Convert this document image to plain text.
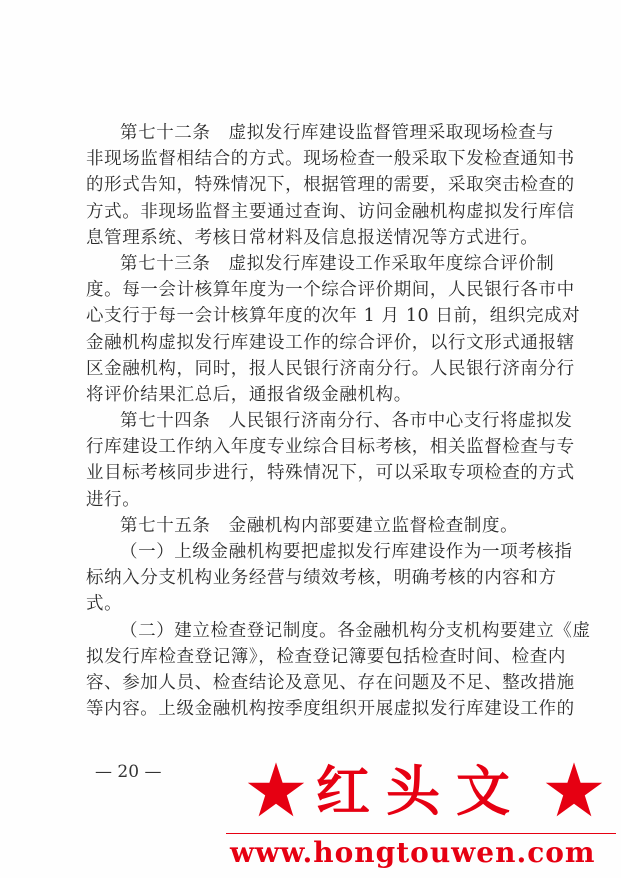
第七十二条　虚拟发行库建设监督管理采取现场检查与
非现场监督相结合的方式。现场检查一般采取下发检查通知书
的形式告知，特殊情况下，根据管理的需要，采取突击检查的
方式。非现场监督主要通过查询、访问金融机构虚拟发行库信
息管理系统、考核日常材料及信息报送情况等方式进行。
第七十三条　虚拟发行库建设工作采取年度综合评价制
度。每一会计核算年度为一个综合评价期间，人民银行各市中
心支行于每一会计核算年度的次年 1 月 10 日前，组织完成对
金融机构虚拟发行库建设工作的综合评价，以行文形式通报辖
区金融机构，同时，报人民银行济南分行。人民银行济南分行
将评价结果汇总后，通报省级金融机构。
第七十四条　人民银行济南分行、各市中心支行将虚拟发
行库建设工作纳入年度专业综合目标考核，相关监督检查与专
业目标考核同步进行，特殊情况下，可以采取专项检查的方式
进行。
第七十五条　金融机构内部要建立监督检查制度。
（一）上级金融机构要把虚拟发行库建设作为一项考核指
标纳入分支机构业务经营与绩效考核，明确考核的内容和方
式。
（二）建立检查登记制度。各金融机构分支机构要建立《虚
拟发行库检查登记簿》，检查登记簿要包括检查时间、检查内
容、参加人员、检查结论及意见、存在问题及不足、整改措施
等内容。上级金融机构按季度组织开展虚拟发行库建设工作的
— 20 —	红头文
www.hongtouwen.com
